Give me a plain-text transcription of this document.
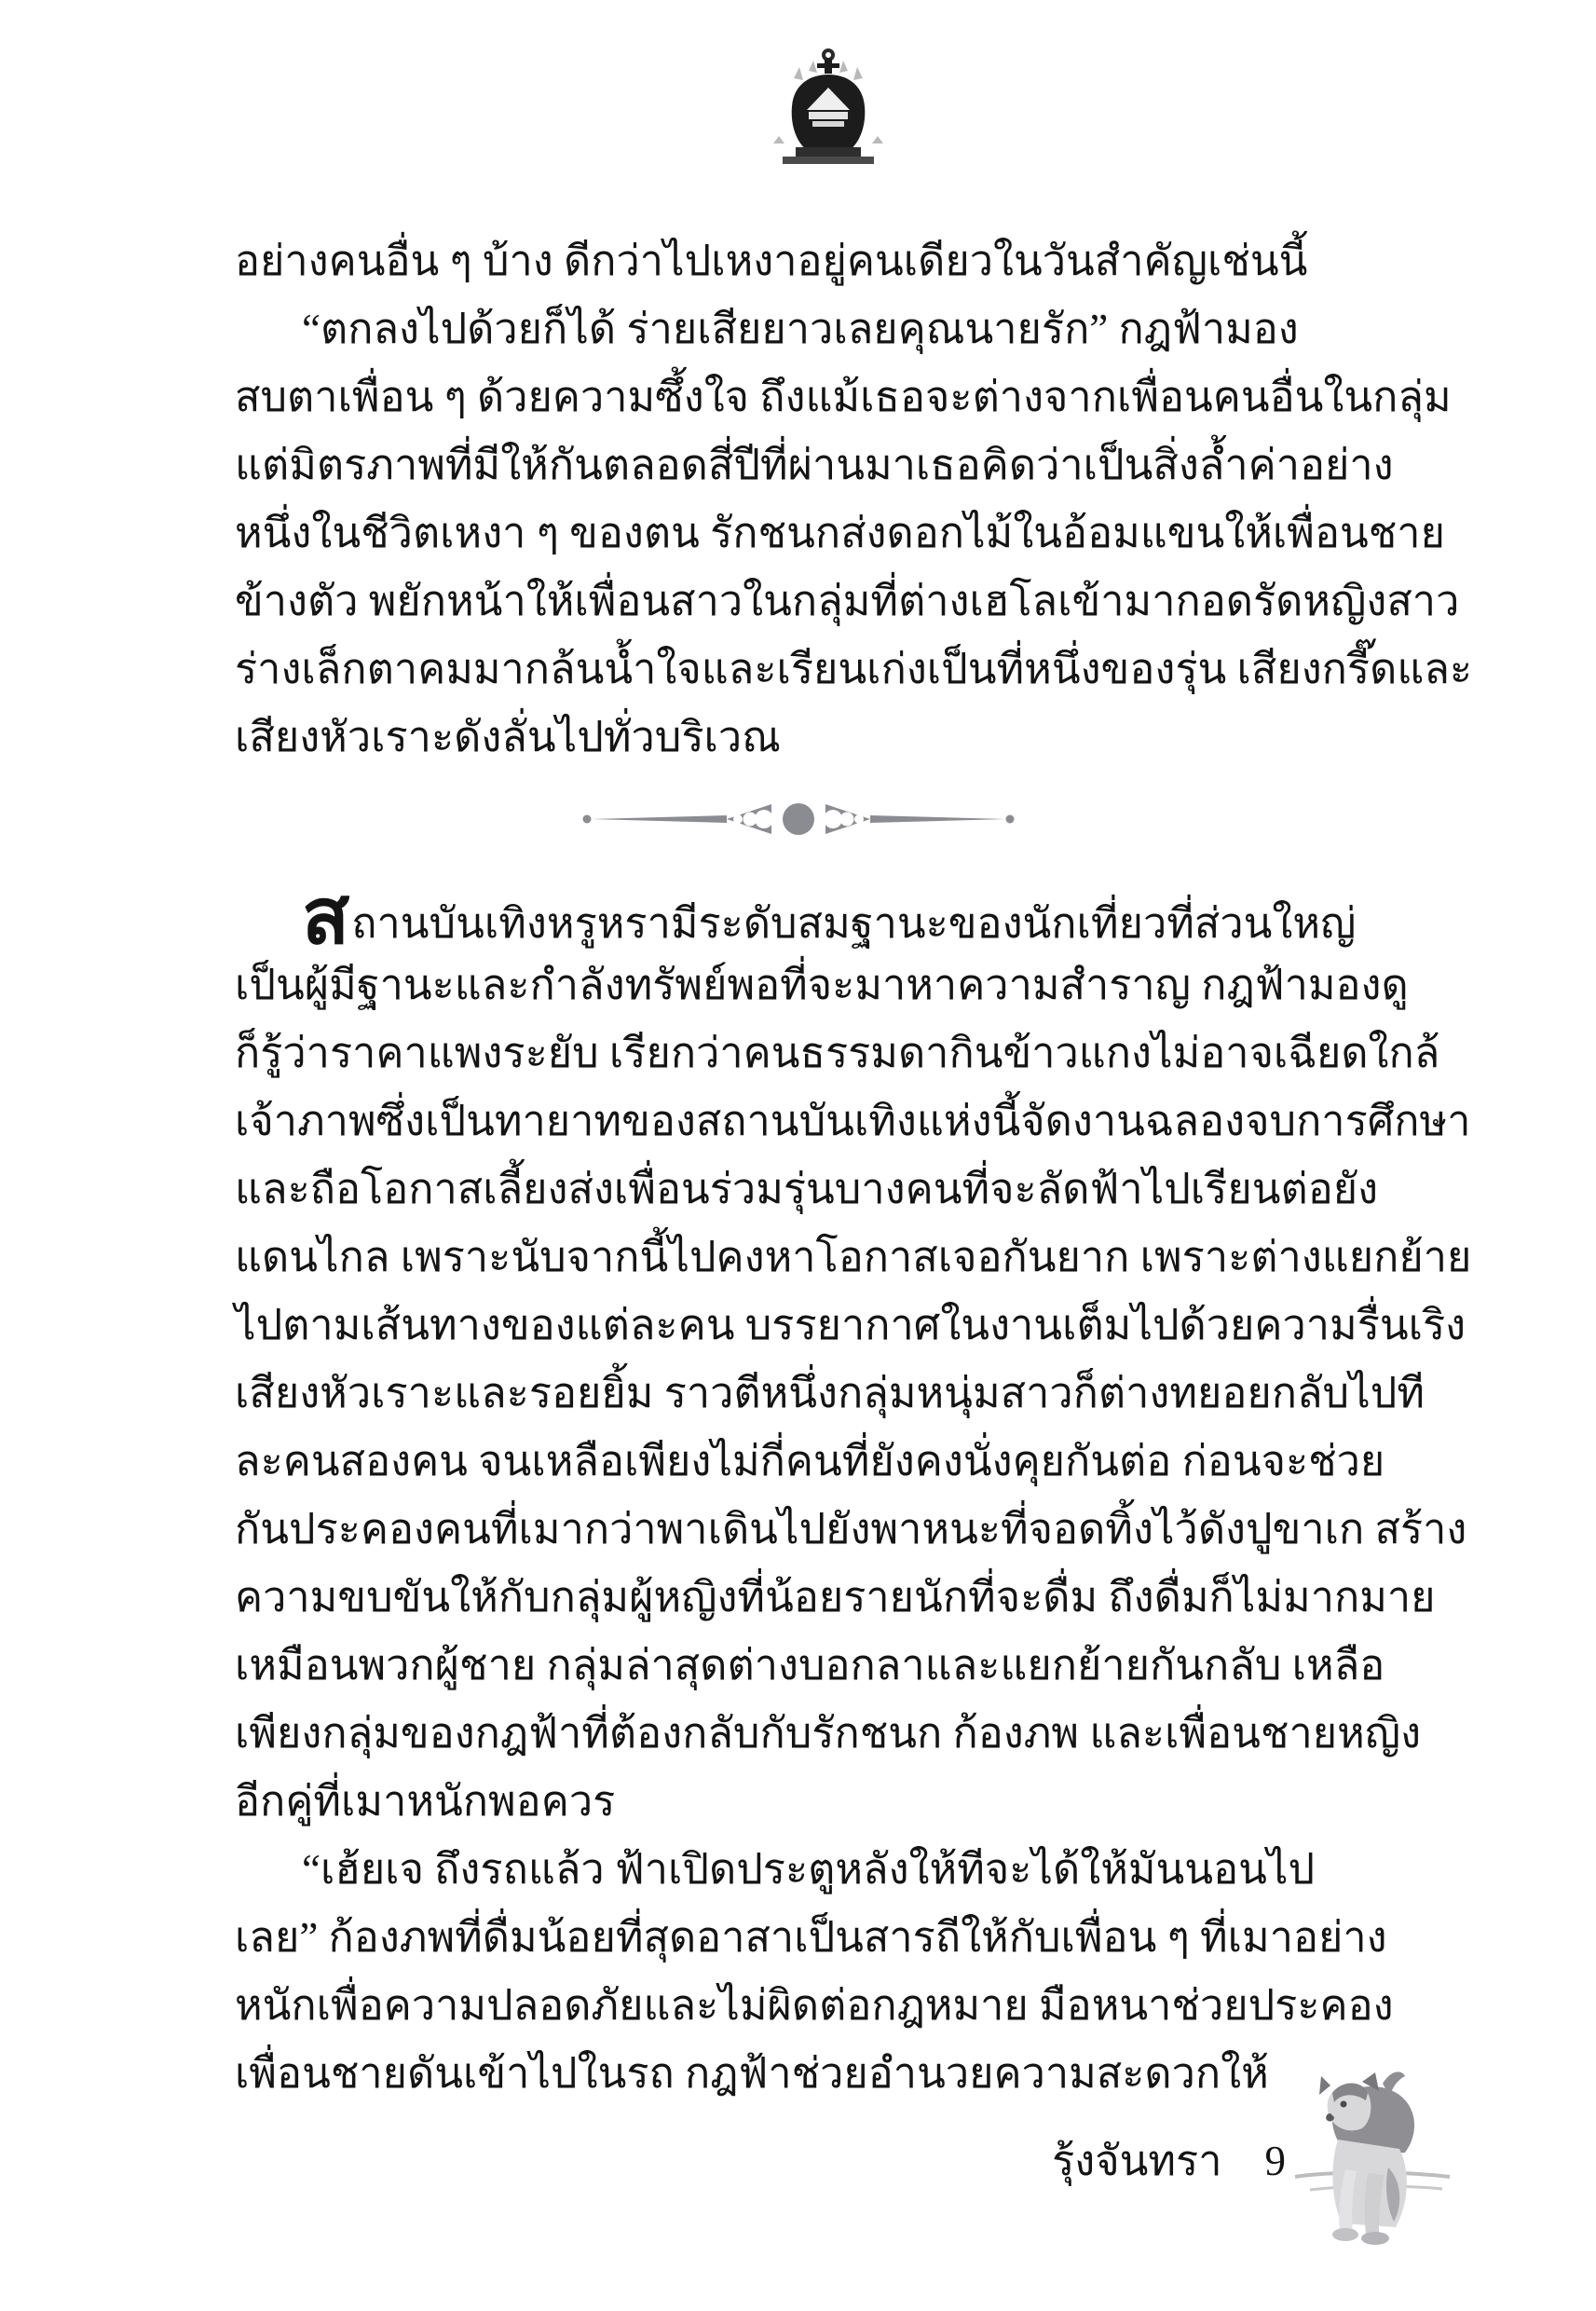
อย่างคนอื่น ๆ บ้าง ดีกว่าไปเหงาอยู่คนเดียวในวันสำคัญเช่นนี้
“ตกลงไปด้วยก็ได้ ร่ายเสียยาวเลยคุณนายรัก” กฎฟ้ามอง
สบตาเพื่อน ๆ ด้วยความซึ้งใจ ถึงแม้เธอจะต่างจากเพื่อนคนอื่นในกลุ่ม
แต่มิตรภาพที่มีให้กันตลอดสี่ปีที่ผ่านมาเธอคิดว่าเป็นสิ่งล้ำค่าอย่าง
หนึ่งในชีวิตเหงา ๆ ของตน รักชนกส่งดอกไม้ในอ้อมแขนให้เพื่อนชาย
ข้างตัว พยักหน้าให้เพื่อนสาวในกลุ่มที่ต่างเฮโลเข้ามากอดรัดหญิงสาว
ร่างเล็กตาคมมากล้นน้ำใจและเรียนเก่งเป็นที่หนึ่งของรุ่น เสียงกรี๊ดและ
เสียงหัวเราะดังลั่นไปทั่วบริเวณ
สถานบันเทิงหรูหรามีระดับสมฐานะของนักเที่ยวที่ส่วนใหญ่
เป็นผู้มีฐานะและกำลังทรัพย์พอที่จะมาหาความสำราญ กฎฟ้ามองดู
ก็รู้ว่าราคาแพงระยับ เรียกว่าคนธรรมดากินข้าวแกงไม่อาจเฉียดใกล้
เจ้าภาพซึ่งเป็นทายาทของสถานบันเทิงแห่งนี้จัดงานฉลองจบการศึกษา
และถือโอกาสเลี้ยงส่งเพื่อนร่วมรุ่นบางคนที่จะลัดฟ้าไปเรียนต่อยัง
แดนไกล เพราะนับจากนี้ไปคงหาโอกาสเจอกันยาก เพราะต่างแยกย้าย
ไปตามเส้นทางของแต่ละคน บรรยากาศในงานเต็มไปด้วยความรื่นเริง
เสียงหัวเราะและรอยยิ้ม ราวตีหนึ่งกลุ่มหนุ่มสาวก็ต่างทยอยกลับไปที
ละคนสองคน จนเหลือเพียงไม่กี่คนที่ยังคงนั่งคุยกันต่อ ก่อนจะช่วย
กันประคองคนที่เมากว่าพาเดินไปยังพาหนะที่จอดทิ้งไว้ดังปูขาเก สร้าง
ความขบขันให้กับกลุ่มผู้หญิงที่น้อยรายนักที่จะดื่ม ถึงดื่มก็ไม่มากมาย
เหมือนพวกผู้ชาย กลุ่มล่าสุดต่างบอกลาและแยกย้ายกันกลับ เหลือ
เพียงกลุ่มของกฎฟ้าที่ต้องกลับกับรักชนก ก้องภพ และเพื่อนชายหญิง
อีกคู่ที่เมาหนักพอควร
“เฮ้ยเจ ถึงรถแล้ว ฟ้าเปิดประตูหลังให้ทีจะได้ให้มันนอนไป
เลย” ก้องภพที่ดื่มน้อยที่สุดอาสาเป็นสารถีให้กับเพื่อน ๆ ที่เมาอย่าง
หนักเพื่อความปลอดภัยและไม่ผิดต่อกฎหมาย มือหนาช่วยประคอง
เพื่อนชายดันเข้าไปในรถ กฎฟ้าช่วยอำนวยความสะดวกให้
รุ้งจันทรา 9
